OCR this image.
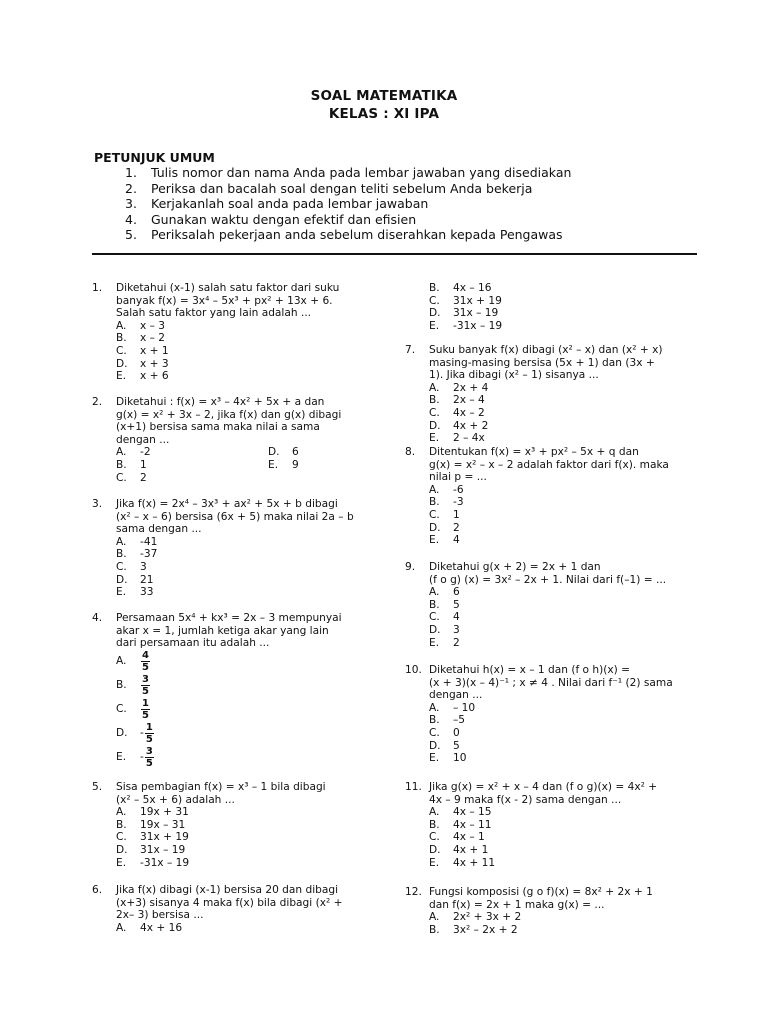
SOAL MATEMATIKA
KELAS : XI IPA
PETUNJUK UMUM
1.	Tulis nomor dan nama Anda pada lembar jawaban yang disediakan
2.	Periksa dan bacalah soal dengan teliti sebelum Anda bekerja
3.	Kerjakanlah soal anda pada lembar jawaban
4.	Gunakan waktu dengan efektif dan efisien
5.	Periksalah pekerjaan anda sebelum diserahkan kepada Pengawas
1.	Diketahui (x-1) salah satu faktor dari suku
banyak f(x) = 3x⁴ – 5x³ + px² + 13x + 6.
Salah satu faktor yang lain adalah ...
A.	x – 3
B.	x – 2
C.	x + 1
D.	x + 3
E.	x + 6
2.	Diketahui : f(x) = x³ – 4x² + 5x + a dan
g(x) = x² + 3x – 2, jika f(x) dan g(x) dibagi
(x+1) bersisa sama maka nilai a sama
dengan ...
A.	-2	D.	6
B.	1	E.	9
C.	2
3.	Jika f(x) = 2x⁴ – 3x³ + ax² + 5x + b dibagi
(x² – x – 6) bersisa (6x + 5) maka nilai 2a – b
sama dengan ...
A.	-41
B.	-37
C.	3
D.	21
E.	33
4.	Persamaan 5x⁴ + kx³ = 2x – 3 mempunyai
akar x = 1, jumlah ketiga akar yang lain
dari persamaan itu adalah ...
A.	$\frac{4}{5}$
B.	$\frac{3}{5}$
C.	$\frac{1}{5}$
D.	- $\frac{1}{5}$
E.	- $\frac{3}{5}$
5.	Sisa pembagian f(x) = x³ – 1 bila dibagi
(x² – 5x + 6) adalah ...
A.	19x + 31
B.	19x – 31
C.	31x + 19
D.	31x – 19
E.	-31x – 19
6.	Jika f(x) dibagi (x-1) bersisa 20 dan dibagi
(x+3) sisanya 4 maka f(x) bila dibagi (x² +
2x– 3) bersisa ...
A.	4x + 16
B.	4x – 16
C.	31x + 19
D.	31x – 19
E.	-31x – 19
7.	Suku banyak f(x) dibagi (x² – x) dan (x² + x)
masing-masing bersisa (5x + 1) dan (3x +
1). Jika dibagi (x² – 1) sisanya ...
A.	2x + 4
B.	2x – 4
C.	4x – 2
D.	4x + 2
E.	2 – 4x
8.	Ditentukan f(x) = x³ + px² – 5x + q dan
g(x) = x² – x – 2 adalah faktor dari f(x). maka
nilai p = ...
A.	-6
B.	-3
C.	1
D.	2
E.	4
9.	Diketahui g(x + 2) = 2x + 1 dan
(f o g) (x) = 3x² – 2x + 1. Nilai dari f(–1) = ...
A.	6
B.	5
C.	4
D.	3
E.	2
10. Diketahui h(x) = x – 1 dan (f o h)(x) =
(x + 3)(x – 4)⁻¹ ; x ≠ 4 . Nilai dari f⁻¹ (2) sama
dengan ...
A.	– 10
B.	–5
C.	0
D.	5
E.	10
11. Jika g(x) = x² + x – 4 dan (f o g)(x) = 4x² +
4x – 9 maka f(x - 2) sama dengan ...
A.	4x – 15
B.	4x – 11
C.	4x – 1
D.	4x + 1
E.	4x + 11
12. Fungsi komposisi (g o f)(x) = 8x² + 2x + 1
dan f(x) = 2x + 1 maka g(x) = ...
A.	2x² + 3x + 2
B.	3x² – 2x + 2
